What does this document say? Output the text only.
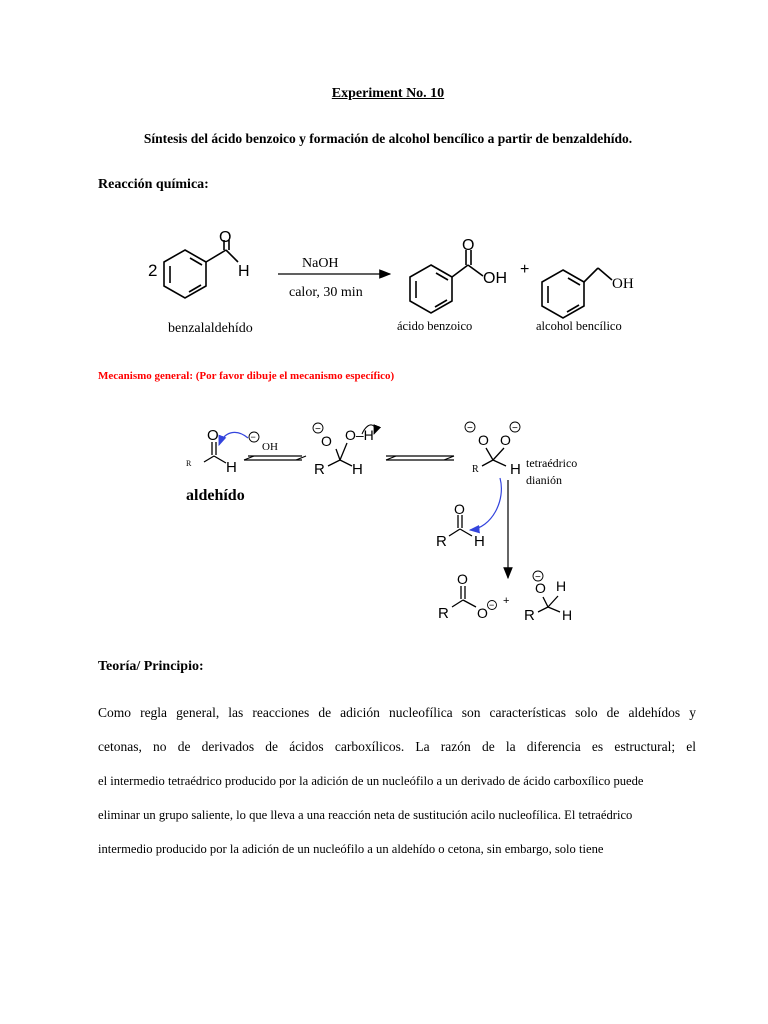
Experiment No. 10
Síntesis del ácido benzoico y formación de alcohol bencílico a partir de benzaldehído.
Reacción química:
2
O
H	NaOH
calor, 30 min
O
OH
+
OH
benzalaldehído	ácido benzoico	alcohol bencílico
Mecanismo general: (Por favor dibuje el mecanismo específico)
O
R H
−
OH
aldehído
−
O O–H
R H
−	−
O O
R H tetraédrico
dianión
O
R H
O
R O − +
−
O H
R H
Teoría/ Principio:
Como regla general, las reacciones de adición nucleofílica son características solo de aldehídos y
cetonas, no de derivados de ácidos carboxílicos. La razón de la diferencia es estructural; el
el intermedio tetraédrico producido por la adición de un nucleófilo a un derivado de ácido carboxílico puede
eliminar un grupo saliente, lo que lleva a una reacción neta de sustitución acilo nucleofílica. El tetraédrico
intermedio producido por la adición de un nucleófilo a un aldehído o cetona, sin embargo, solo tiene
